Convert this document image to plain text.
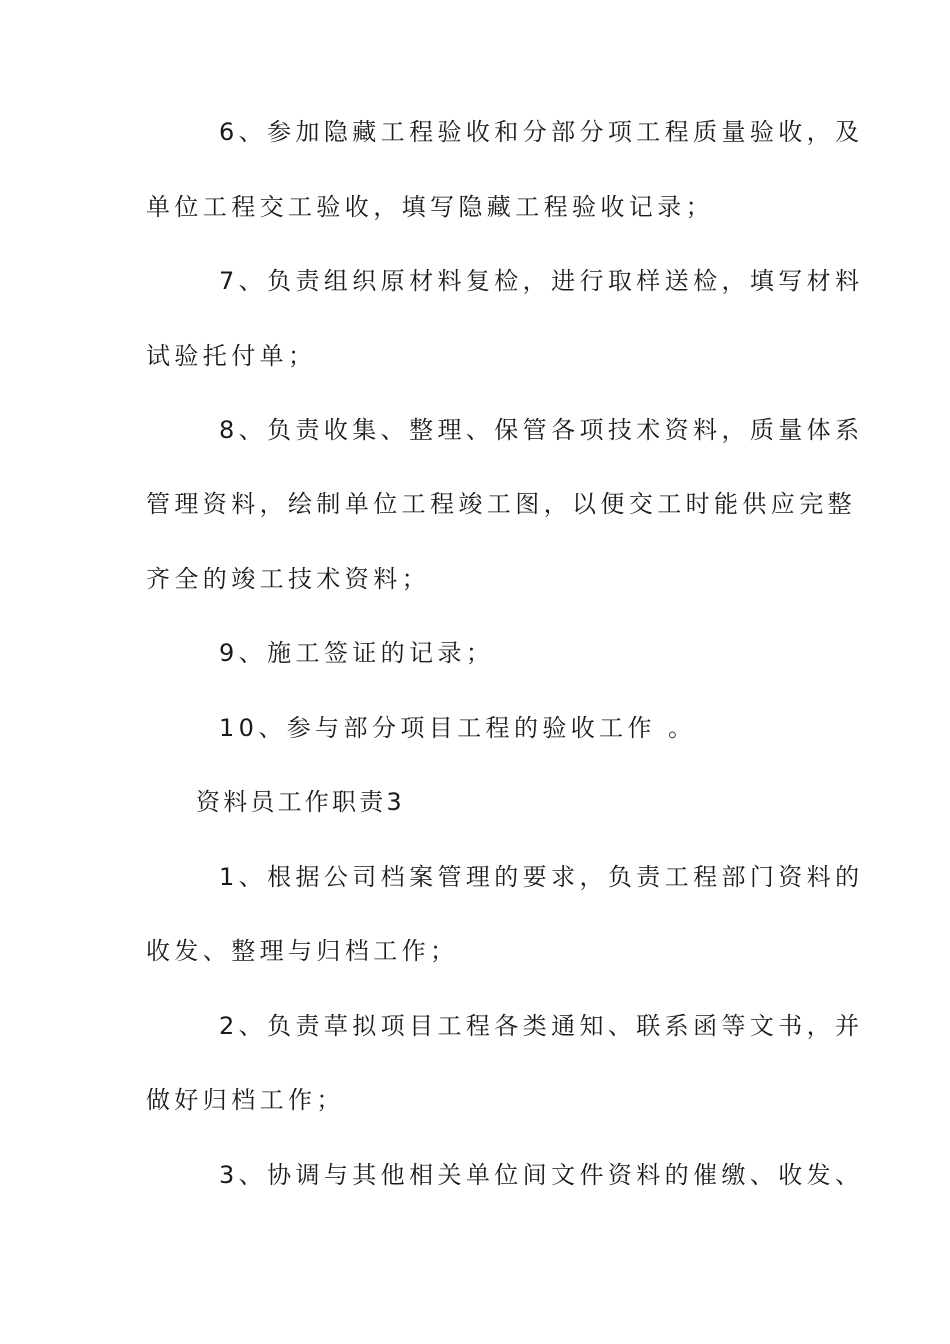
6、参加隐藏工程验收和分部分项工程质量验收，及
单位工程交工验收，填写隐藏工程验收记录；
7、负责组织原材料复检，进行取样送检，填写材料
试验托付单；
8、负责收集、整理、保管各项技术资料，质量体系
管理资料，绘制单位工程竣工图，以便交工时能供应完整
齐全的竣工技术资料；
9、施工签证的记录；
10、参与部分项目工程的验收工作 。
资料员工作职责3
1、根据公司档案管理的要求，负责工程部门资料的
收发、整理与归档工作；
2、负责草拟项目工程各类通知、联系函等文书，并
做好归档工作；
3、协调与其他相关单位间文件资料的催缴、收发、
